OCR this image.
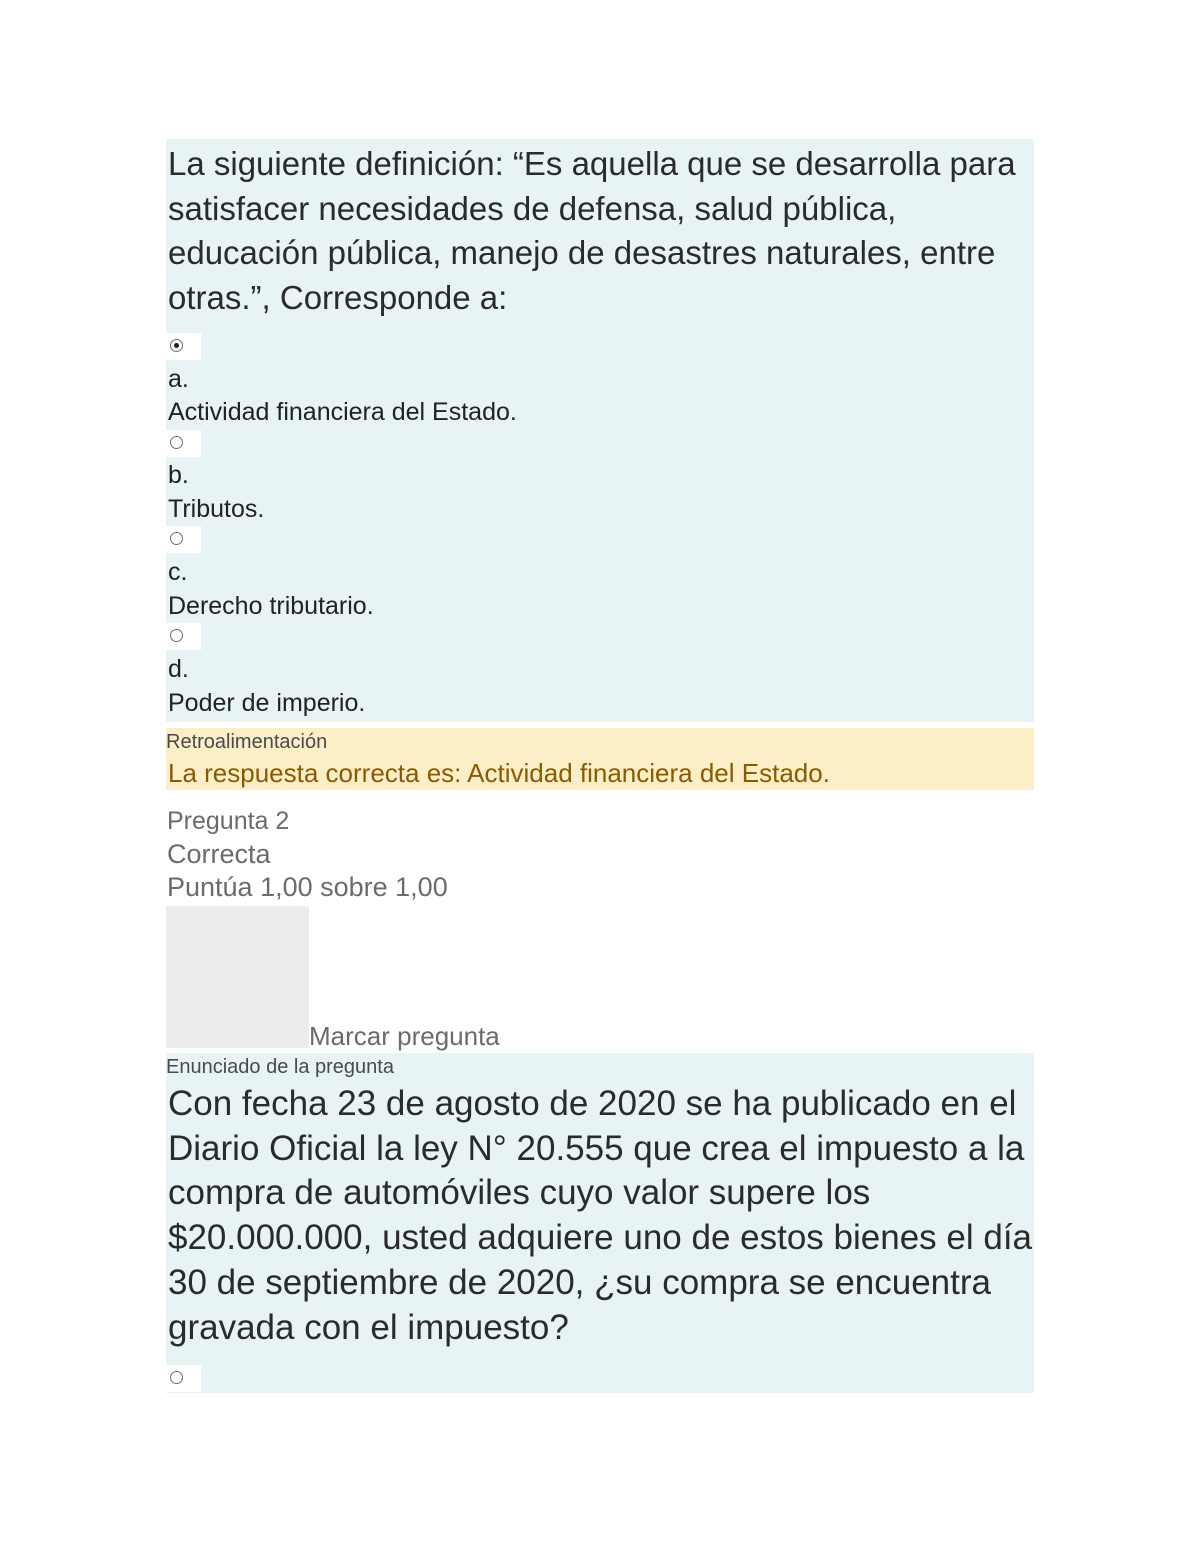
La siguiente definición: “Es aquella que se desarrolla para satisfacer necesidades de defensa, salud pública, educación pública, manejo de desastres naturales, entre otras.”, Corresponde a:

a.

Actividad financiera del Estado.

b.

Tributos.

c.

Derecho tributario.

d.

Poder de imperio.

Retroalimentación

La respuesta correcta es: Actividad financiera del Estado.

Pregunta 2

Correcta

Puntúa 1,00 sobre 1,00

Marcar pregunta

Enunciado de la pregunta

Con fecha 23 de agosto de 2020 se ha publicado en el Diario Oficial la ley N° 20.555 que crea el impuesto a la compra de automóviles cuyo valor supere los $20.000.000, usted adquiere uno de estos bienes el día 30 de septiembre de 2020, ¿su compra se encuentra gravada con el impuesto?
